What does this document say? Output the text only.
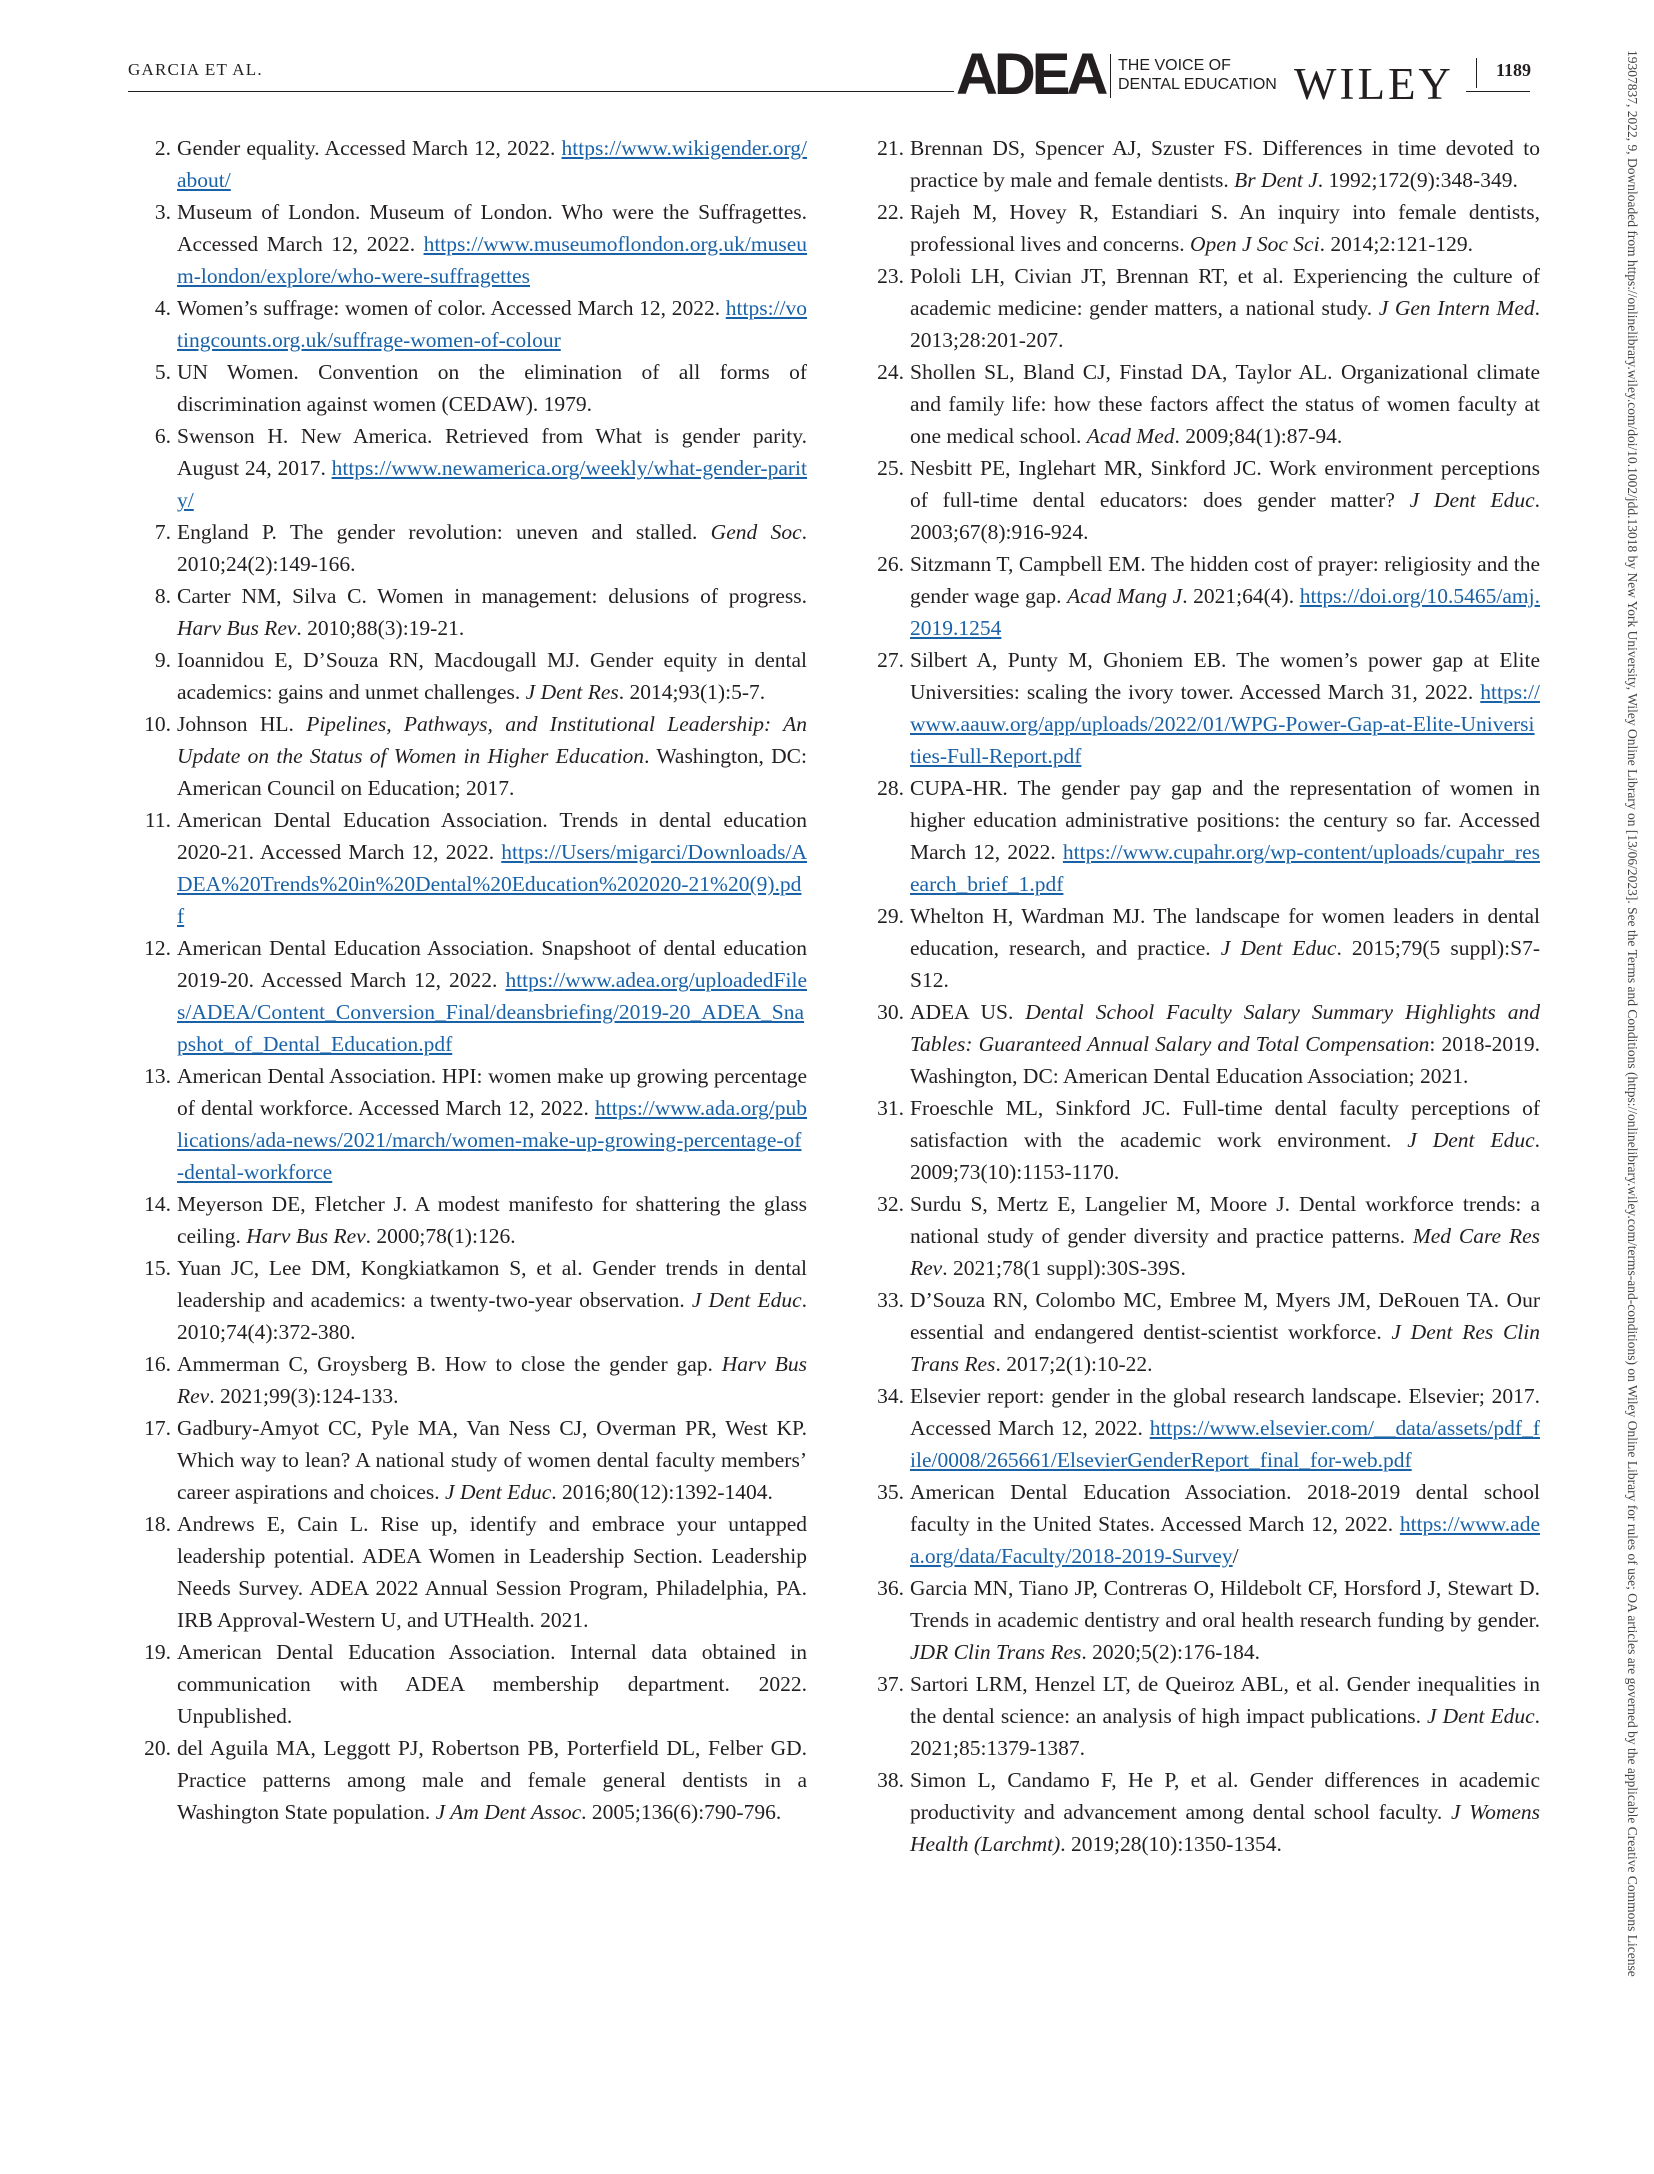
GARCIA ET AL.	ADEA THE VOICE OF
DENTAL EDUCATION WILEY 1189	19307837, 2022, 9, Downloaded from https://onlinelibrary.wiley.com/doi/10.1002/jdd.13018 by New York University, Wiley Online Library on [13/06/2023]. See the Terms and Conditions (https://onlinelibrary.wiley.com/terms-and-conditions) on Wiley Online Library for rules of use; OA articles are governed by the applicable Creative Commons License

2. Gender equality. Accessed March 12, 2022. https://www.wikigender.org/about/

3. Museum of London. Museum of London. Who were the Suffragettes. Accessed March 12, 2022. https://www.museumoflondon.org.uk/museum-london/explore/who-were-suffragettes

4. Women’s suffrage: women of color. Accessed March 12, 2022. https://votingcounts.org.uk/suffrage-women-of-colour

5. UN Women. Convention on the elimination of all forms of discrimination against women (CEDAW). 1979.

6. Swenson H. New America. Retrieved from What is gender parity. August 24, 2017. https://www.newamerica.org/weekly/what-gender-parity/

7. England P. The gender revolution: uneven and stalled. Gend Soc. 2010;24(2):149-166.

8. Carter NM, Silva C. Women in management: delusions of progress. Harv Bus Rev. 2010;88(3):19-21.

9. Ioannidou E, D’Souza RN, Macdougall MJ. Gender equity in dental academics: gains and unmet challenges. J Dent Res. 2014;93(1):5-7.

10. Johnson HL. Pipelines, Pathways, and Institutional Leadership: An Update on the Status of Women in Higher Education. Washington, DC: American Council on Education; 2017.

11. American Dental Education Association. Trends in dental education 2020-21. Accessed March 12, 2022. https://Users/migarci/Downloads/ADEA%20Trends%20in%20Dental%20Education%202020-21%20(9).pdf

12. American Dental Education Association. Snapshoot of dental education 2019-20. Accessed March 12, 2022. https://www.adea.org/uploadedFiles/ADEA/Content_Conversion_Final/deansbriefing/2019-20_ADEA_Snapshot_of_Dental_Education.pdf

13. American Dental Association. HPI: women make up growing percentage of dental workforce. Accessed March 12, 2022. https://www.ada.org/publications/ada-news/2021/march/women-make-up-growing-percentage-of-dental-workforce

14. Meyerson DE, Fletcher J. A modest manifesto for shattering the glass ceiling. Harv Bus Rev. 2000;78(1):126.

15. Yuan JC, Lee DM, Kongkiatkamon S, et al. Gender trends in dental leadership and academics: a twenty-two-year observation. J Dent Educ. 2010;74(4):372-380.

16. Ammerman C, Groysberg B. How to close the gender gap. Harv Bus Rev. 2021;99(3):124-133.

17. Gadbury-Amyot CC, Pyle MA, Van Ness CJ, Overman PR, West KP. Which way to lean? A national study of women dental faculty members’ career aspirations and choices. J Dent Educ. 2016;80(12):1392-1404.

18. Andrews E, Cain L. Rise up, identify and embrace your untapped leadership potential. ADEA Women in Leadership Section. Leadership Needs Survey. ADEA 2022 Annual Session Program, Philadelphia, PA. IRB Approval-Western U, and UTHealth. 2021.

19. American Dental Education Association. Internal data obtained in communication with ADEA membership department. 2022. Unpublished.

20. del Aguila MA, Leggott PJ, Robertson PB, Porterfield DL, Felber GD. Practice patterns among male and female general dentists in a Washington State population. J Am Dent Assoc. 2005;136(6):790-796.

21. Brennan DS, Spencer AJ, Szuster FS. Differences in time devoted to practice by male and female dentists. Br Dent J. 1992;172(9):348-349.

22. Rajeh M, Hovey R, Estandiari S. An inquiry into female dentists, professional lives and concerns. Open J Soc Sci. 2014;2:121-129.

23. Pololi LH, Civian JT, Brennan RT, et al. Experiencing the culture of academic medicine: gender matters, a national study. J Gen Intern Med. 2013;28:201-207.

24. Shollen SL, Bland CJ, Finstad DA, Taylor AL. Organizational climate and family life: how these factors affect the status of women faculty at one medical school. Acad Med. 2009;84(1):87-94.

25. Nesbitt PE, Inglehart MR, Sinkford JC. Work environment perceptions of full-time dental educators: does gender matter? J Dent Educ. 2003;67(8):916-924.

26. Sitzmann T, Campbell EM. The hidden cost of prayer: religiosity and the gender wage gap. Acad Mang J. 2021;64(4). https://doi.org/10.5465/amj.2019.1254

27. Silbert A, Punty M, Ghoniem EB. The women’s power gap at Elite Universities: scaling the ivory tower. Accessed March 31, 2022. https://www.aauw.org/app/uploads/2022/01/WPG-Power-Gap-at-Elite-Universities-Full-Report.pdf

28. CUPA-HR. The gender pay gap and the representation of women in higher education administrative positions: the century so far. Accessed March 12, 2022. https://www.cupahr.org/wp-content/uploads/cupahr_research_brief_1.pdf

29. Whelton H, Wardman MJ. The landscape for women leaders in dental education, research, and practice. J Dent Educ. 2015;79(5 suppl):S7-S12.

30. ADEA US. Dental School Faculty Salary Summary Highlights and Tables: Guaranteed Annual Salary and Total Compensation: 2018-2019. Washington, DC: American Dental Education Association; 2021.

31. Froeschle ML, Sinkford JC. Full-time dental faculty perceptions of satisfaction with the academic work environment. J Dent Educ. 2009;73(10):1153-1170.

32. Surdu S, Mertz E, Langelier M, Moore J. Dental workforce trends: a national study of gender diversity and practice patterns. Med Care Res Rev. 2021;78(1 suppl):30S-39S.

33. D’Souza RN, Colombo MC, Embree M, Myers JM, DeRouen TA. Our essential and endangered dentist-scientist workforce. J Dent Res Clin Trans Res. 2017;2(1):10-22.

34. Elsevier report: gender in the global research landscape. Elsevier; 2017. Accessed March 12, 2022. https://www.elsevier.com/__data/assets/pdf_file/0008/265661/ElsevierGenderReport_final_for-web.pdf

35. American Dental Education Association. 2018-2019 dental school faculty in the United States. Accessed March 12, 2022. https://www.adea.org/data/Faculty/2018-2019-Survey/

36. Garcia MN, Tiano JP, Contreras O, Hildebolt CF, Horsford J, Stewart D. Trends in academic dentistry and oral health research funding by gender. JDR Clin Trans Res. 2020;5(2):176-184.

37. Sartori LRM, Henzel LT, de Queiroz ABL, et al. Gender inequalities in the dental science: an analysis of high impact publications. J Dent Educ. 2021;85:1379-1387.

38. Simon L, Candamo F, He P, et al. Gender differences in academic productivity and advancement among dental school faculty. J Womens Health (Larchmt). 2019;28(10):1350-1354.
